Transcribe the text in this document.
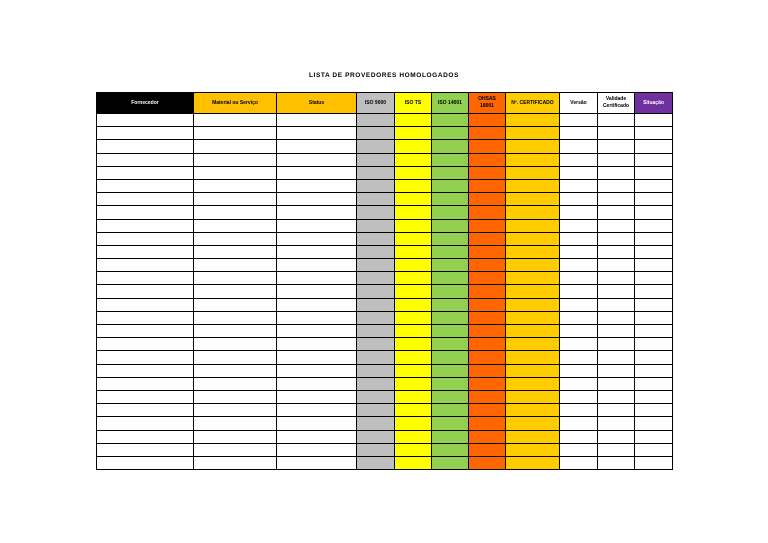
LISTA DE PROVEDORES HOMOLOGADOS
Fornecedor	Material ou Serviço	Status	ISO 9000	ISO TS	ISO 14001	OHSAS 18001	Nº. CERTIFICADO	Versão	Validade Certificado	Situação
